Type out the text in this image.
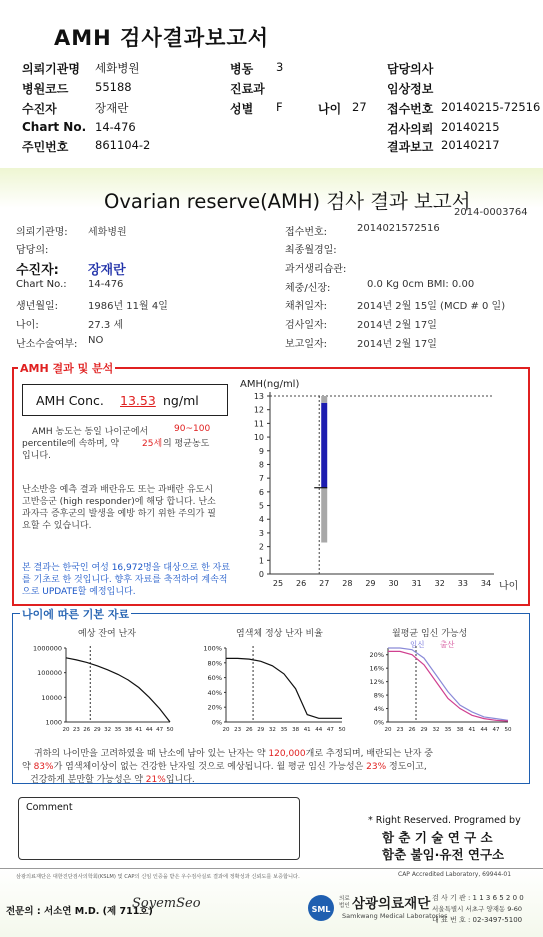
AMH 검사결과보고서
의뢰기관명 세화병원	병동 3	담당의사
병원코드 55188	진료과	임상정보
수진자	장재란	성별 F	나이 27 접수번호 20140215-72516
Chart No. 14-476	검사의뢰 20140215
주민번호 861104-2	결과보고 20140217
Ovarian reserve(AMH) 검사 결과 보고서
2014-0003764
의뢰기관명: 세화병원
담당의:
수진자: 장재란
Chart No.: 14-476
생년월일:	1986년 11월 4일
나이:	27.3 세
난소수술여부: NO
접수번호:	2014021572516
최종월경일:
과거생리습관:
체중/신장:	0.0 Kg 0cm BMI: 0.00
채취일자:	2014년 2월 15일 (MCD # 0 일)
검사일자:	2014년 2월 17일
보고일자:	2014년 2월 17일
AMH 결과 및 분석
AMH Conc. 13.53 ng/ml
AMH 농도는 동일 나이군에서	90~100
percentile에 속하며, 약	25세 의 평균농도
입니다.
난소반응 예측 결과 배란유도 또는 과배란 유도시 고반응군 (high responder)에 해당 합니다. 난소과자극 증후군의 발생을 예방 하기 위한 주의가 필요할 수 있습니다.
본 결과는 한국인 여성 16,972명을 대상으로 한 자료를 기초로 한 것입니다. 향후 자료를 축적하여 계속적으로 UPDATE할 예정입니다.
AMH(ng/ml)
나이
0
1
2
3
4
5
6
7
8
9
10
11
12
13
25 26 27 28 29 30 31 32 33 34
나이에 따른 기본 자료
예상 잔여 난자
1000
10000
100000
1000000
20 23 26 29 32 35 38 41 44 47 50
염색체 정상 난자 비율
0%
20%
40%
60%
80%
100%
20 23 26 29 32 35 38 41 44 47 50
월평균 임신 가능성
임신 출산
0%
4%
8%
12%
16%
20%
20 23 26 29 32 35 38 41 44 47 50
귀하의 나이만을 고려하였을 때 난소에 남아 있는 난자는 약 120,000개로 추정되며, 배란되는 난자 중
약 83%가 염색체이상이 없는 건강한 난자일 것으로 예상됩니다. 월 평균 임신 가능성은 23% 정도이고,
건강하게 분만할 가능성은 약 21%입니다.
Comment
* Right Reserved. Programed by
함 춘 기 술 연 구 소
함춘 불임·유전 연구소
삼광의료재단은 대한진단검사의학회(KSLM) 및 CAP의 신임 인증을 받은 우수검사실로 결과에 정확성과 신뢰도를 보증합니다.	CAP Accredited Laboratory, 69944-01
전문의 : 서소연 M.D. (제 711호)
SoyemSeo	SML
의료법인 삼광의료재단
Samkwang Medical Laboratories
검 사 기 관 : 1 1 3 6 5 2 0 0
서울특별시 서초구 양재동 9-60
대 표 번 호 : 02-3497-5100
